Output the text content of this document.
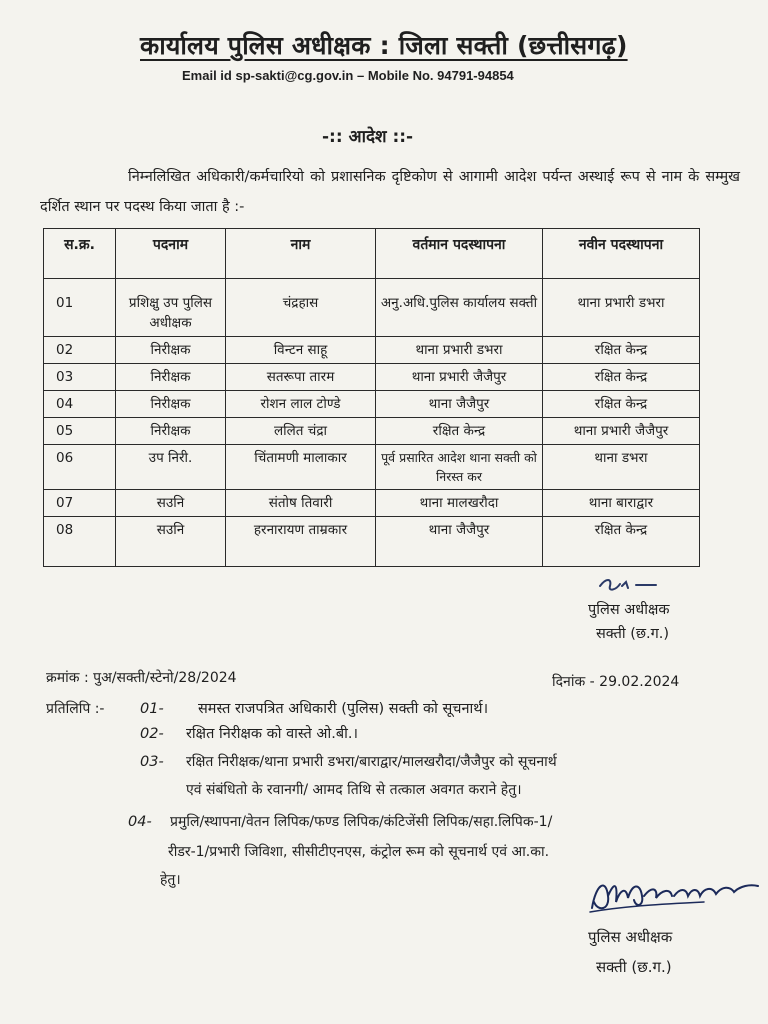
कार्यालय पुलिस अधीक्षक : जिला सक्ती (छत्तीसगढ़)
Email id sp-sakti@cg.gov.in – Mobile No. 94791-94854
-:: आदेश ::-
निम्नलिखित अधिकारी/कर्मचारियो को प्रशासनिक दृष्टिकोण से आगामी आदेश पर्यन्त अस्थाई रूप से नाम के सम्मुख दर्शित स्थान पर पदस्थ किया जाता है :-
स.क्र.	पदनाम	नाम	वर्तमान पदस्थापना	नवीन पदस्थापना
01	प्रशिक्षु उप पुलिस अधीक्षक	चंद्रहास	अनु.अधि.पुलिस कार्यालय सक्ती	थाना प्रभारी डभरा
02	निरीक्षक	विन्टन साहू	थाना प्रभारी डभरा	रक्षित केन्द्र
03	निरीक्षक	सतरूपा तारम	थाना प्रभारी जैजैपुर	रक्षित केन्द्र
04	निरीक्षक	रोशन लाल टोण्डे	थाना जैजैपुर	रक्षित केन्द्र
05	निरीक्षक	ललित चंद्रा	रक्षित केन्द्र	थाना प्रभारी जैजैपुर
06	उप निरी.	चिंतामणी मालाकार	पूर्व प्रसारित आदेश थाना सक्ती को निरस्त कर	थाना डभरा
07	सउनि	संतोष तिवारी	थाना मालखरौदा	थाना बाराद्वार
08	सउनि	हरनारायण ताम्रकार	थाना जैजैपुर	रक्षित केन्द्र
पुलिस अधीक्षक
सक्ती (छ.ग.)
क्रमांक : पुअ/सक्ती/स्टेनो/28/2024	दिनांक - 29.02.2024
प्रतिलिपि :- 01- समस्त राजपत्रित अधिकारी (पुलिस) सक्ती को सूचनार्थ।
02- रक्षित निरीक्षक को वास्ते ओ.बी.।
03- रक्षित निरीक्षक/थाना प्रभारी डभरा/बाराद्वार/मालखरौदा/जैजैपुर को सूचनार्थ
एवं संबंधितो के रवानगी/ आमद तिथि से तत्काल अवगत कराने हेतु।
04- प्रमुलि/स्थापना/वेतन लिपिक/फण्ड लिपिक/कंटिजेंसी लिपिक/सहा.लिपिक-1/
रीडर-1/प्रभारी जिविशा, सीसीटीएनएस, कंट्रोल रूम को सूचनार्थ एवं आ.का.
हेतु।
पुलिस अधीक्षक
सक्ती (छ.ग.)
